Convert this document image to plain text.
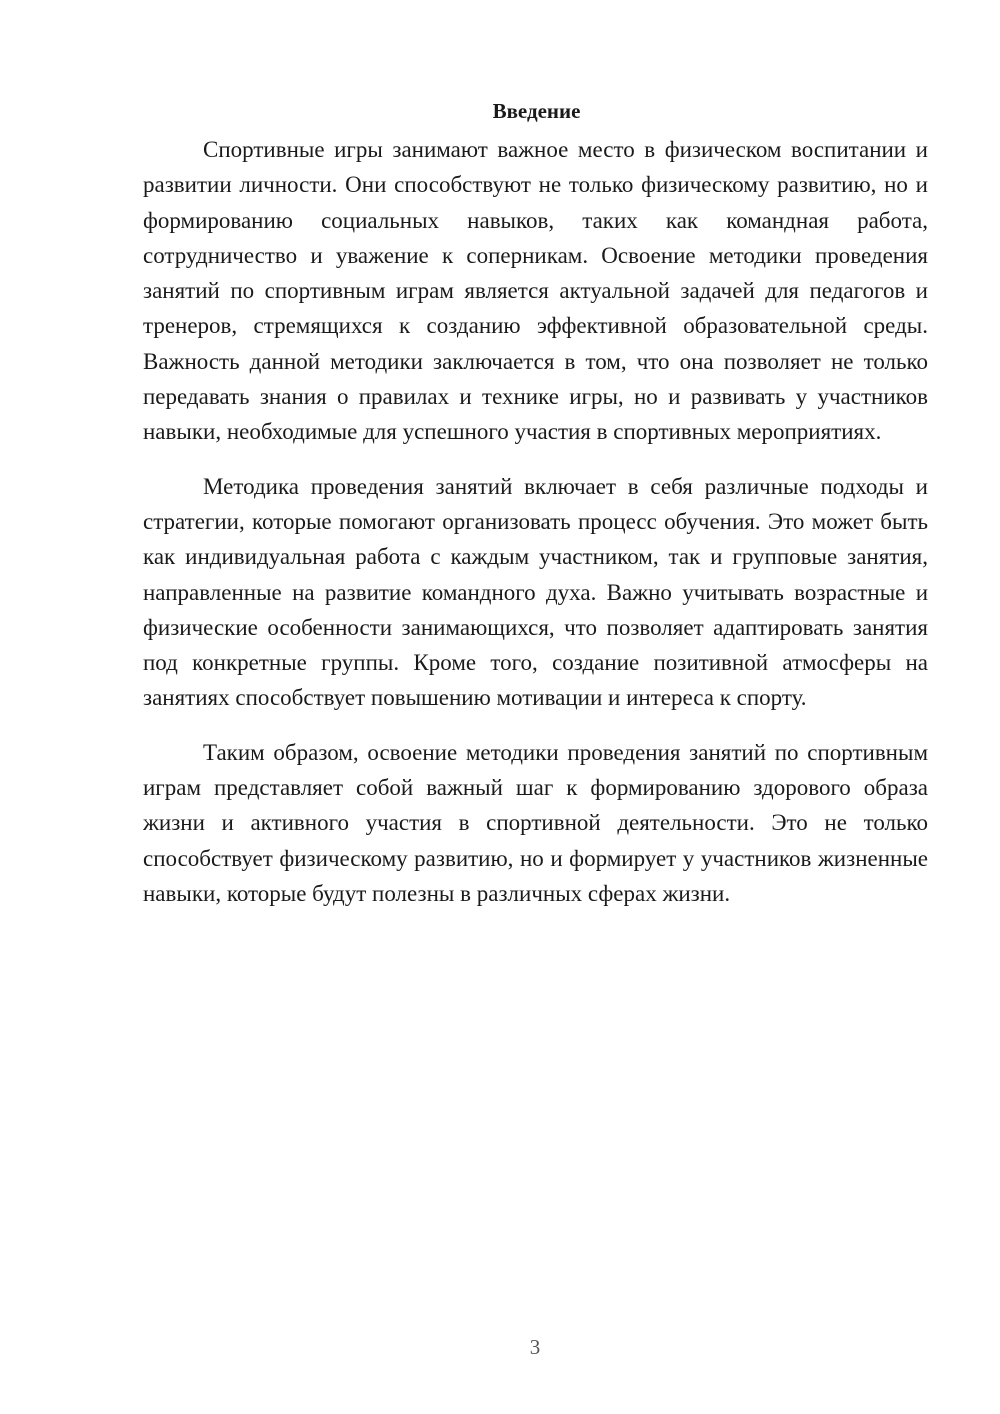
Введение

Спортивные игры занимают важное место в физическом воспитании и развитии личности. Они способствуют не только физическому развитию, но и формированию социальных навыков, таких как командная работа, сотрудничество и уважение к соперникам. Освоение методики проведения занятий по спортивным играм является актуальной задачей для педагогов и тренеров, стремящихся к созданию эффективной образовательной среды. Важность данной методики заключается в том, что она позволяет не только передавать знания о правилах и технике игры, но и развивать у участников навыки, необходимые для успешного участия в спортивных мероприятиях.

Методика проведения занятий включает в себя различные подходы и стратегии, которые помогают организовать процесс обучения. Это может быть как индивидуальная работа с каждым участником, так и групповые занятия, направленные на развитие командного духа. Важно учитывать возрастные и физические особенности занимающихся, что позволяет адаптировать занятия под конкретные группы. Кроме того, создание позитивной атмосферы на занятиях способствует повышению мотивации и интереса к спорту.

Таким образом, освоение методики проведения занятий по спортивным играм представляет собой важный шаг к формированию здорового образа жизни и активного участия в спортивной деятельности. Это не только способствует физическому развитию, но и формирует у участников жизненные навыки, которые будут полезны в различных сферах жизни.

3
